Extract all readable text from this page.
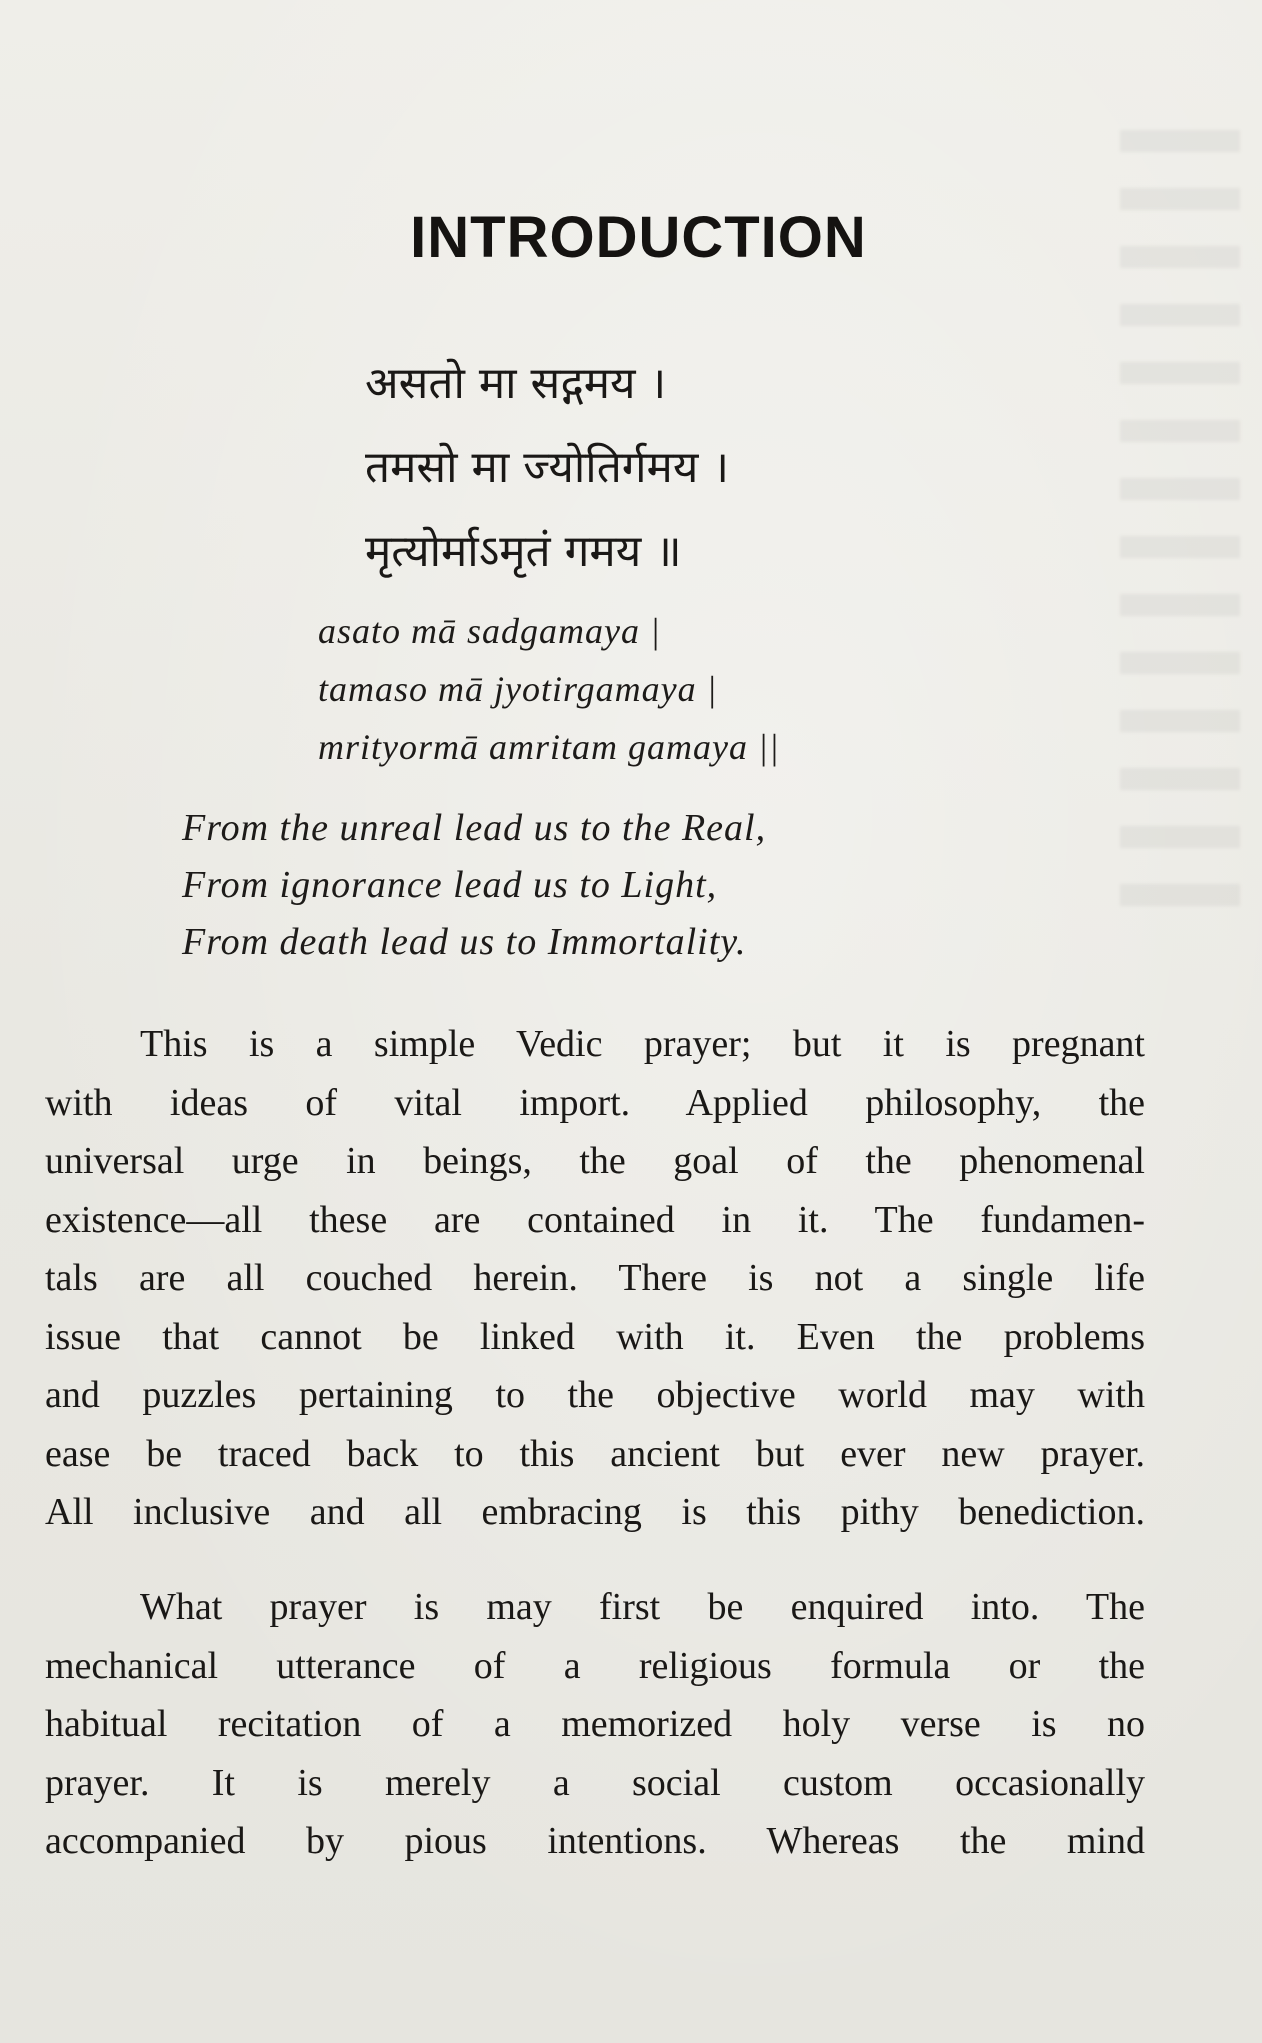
INTRODUCTION
असतो मा सद्गमय ।
तमसो मा ज्योतिर्गमय ।
मृत्योर्माऽमृतं गमय ॥
asato mā sadgamaya |
tamaso mā jyotirgamaya |
mrityormā amritam gamaya ||
From the unreal lead us to the Real,
From ignorance lead us to Light,
From death lead us to Immortality.
This is a simple Vedic prayer; but it is pregnant
with ideas of vital import. Applied philosophy, the
universal urge in beings, the goal of the phenomenal
existence—all these are contained in it. The fundamen-
tals are all couched herein. There is not a single life
issue that cannot be linked with it. Even the problems
and puzzles pertaining to the objective world may with
ease be traced back to this ancient but ever new prayer.
All inclusive and all embracing is this pithy benediction.
What prayer is may first be enquired into. The
mechanical utterance of a religious formula or the
habitual recitation of a memorized holy verse is no
prayer. It is merely a social custom occasionally
accompanied by pious intentions. Whereas the mind
